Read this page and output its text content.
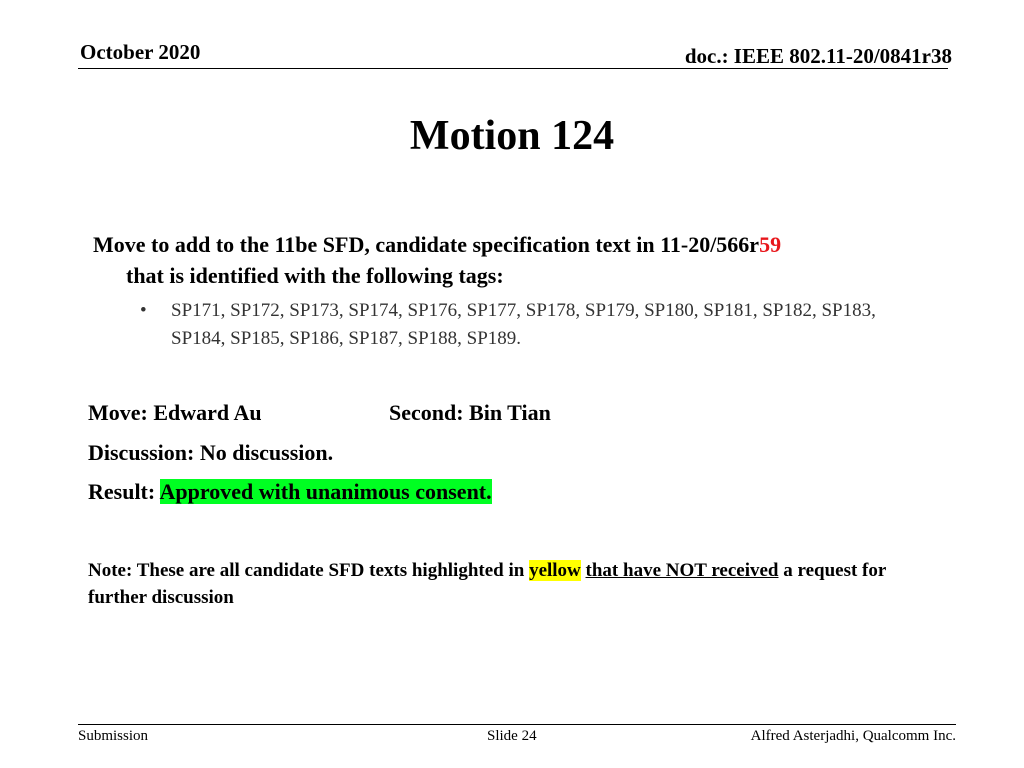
October 2020	doc.: IEEE 802.11-20/0841r38
Motion 124
Move to add to the 11be SFD, candidate specification text in 11-20/566r59
that is identified with the following tags:
• SP171, SP172, SP173, SP174, SP176, SP177, SP178, SP179, SP180, SP181, SP182, SP183, SP184, SP185, SP186, SP187, SP188, SP189.
Move: Edward Au	Second: Bin Tian
Discussion: No discussion.
Result: Approved with unanimous consent.
Note: These are all candidate SFD texts highlighted in yellow that have NOT received a request for further discussion
Submission	Slide 24	Alfred Asterjadhi, Qualcomm Inc.
